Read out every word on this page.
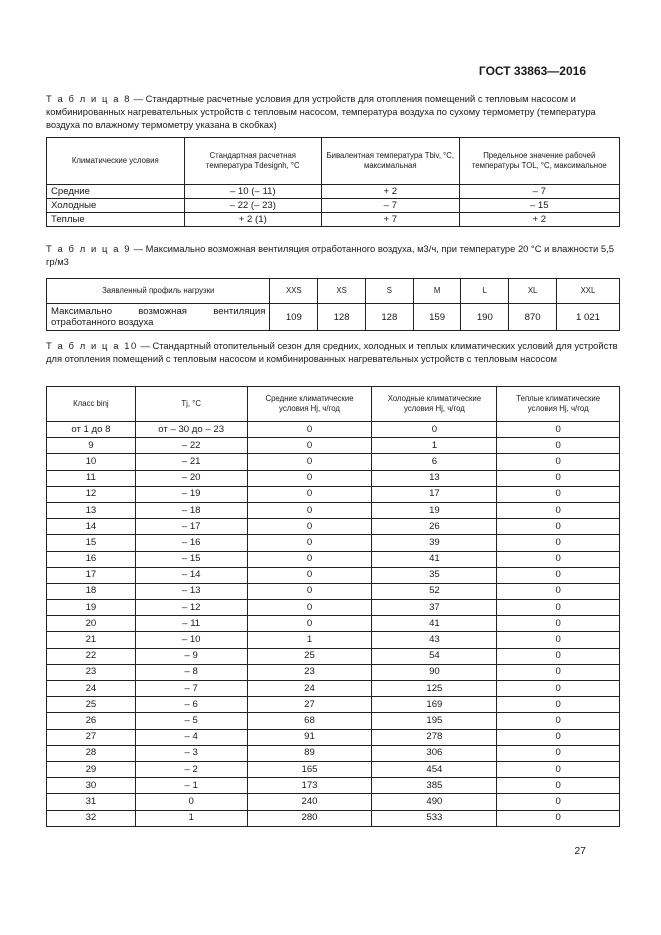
ГОСТ 33863—2016
Т а б л и ц а 8 — Стандартные расчетные условия для устройств для отопления помещений с тепловым насосом и комбинированных нагревательных устройств с тепловым насосом, температура воздуха по сухому термометру (температура воздуха по влажному термометру указана в скобках)
Климатические условия	Стандартная расчетная температура Tdesignh, °C	Бивалентная температура Tbiv, °C, максимальная	Предельное значение рабочей температуры TOL, °C, максимальное
Средние	– 10 (– 11)	+ 2	– 7
Холодные	– 22 (– 23)	– 7	– 15
Теплые	+ 2 (1)	+ 7	+ 2
Т а б л и ц а 9 — Максимально возможная вентиляция отработанного воздуха, м3/ч, при температуре 20 °C и влажности 5,5 гр/м3
Заявленный профиль нагрузки	XXS	XS	S	M	L	XL	XXL
Максимально возможная вентиляция отработанного воздуха	109	128	128	159	190	870	1 021
Т а б л и ц а 10 — Стандартный отопительный сезон для средних, холодных и теплых климатических условий для устройств для отопления помещений с тепловым насосом и комбинированных нагревательных устройств с тепловым насосом
Класс binj	Tj, °C	Средние климатические условия Hj, ч/год	Холодные климатические условия Hj, ч/год	Теплые климатические условия Hj, ч/год
от 1 до 8	от – 30 до – 23	0	0	0
9	– 22	0	1	0
10	– 21	0	6	0
11	– 20	0	13	0
12	– 19	0	17	0
13	– 18	0	19	0
14	– 17	0	26	0
15	– 16	0	39	0
16	– 15	0	41	0
17	– 14	0	35	0
18	– 13	0	52	0
19	– 12	0	37	0
20	– 11	0	41	0
21	– 10	1	43	0
22	– 9	25	54	0
23	– 8	23	90	0
24	– 7	24	125	0
25	– 6	27	169	0
26	– 5	68	195	0
27	– 4	91	278	0
28	– 3	89	306	0
29	– 2	165	454	0
30	– 1	173	385	0
31	0	240	490	0
32	1	280	533	0
27
